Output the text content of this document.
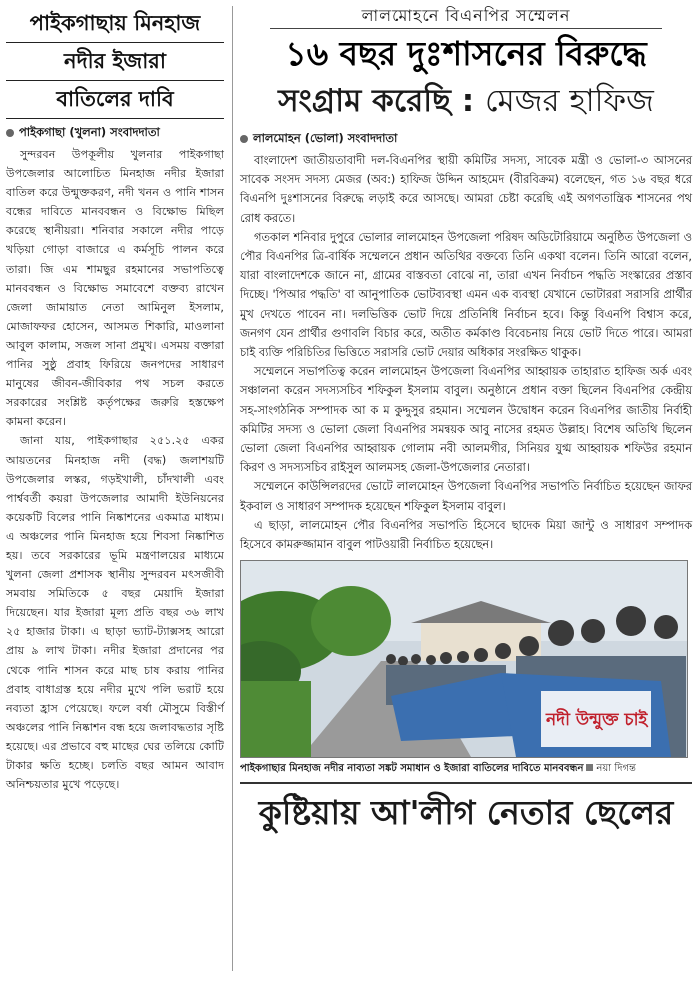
পাইকগাছায় মিনহাজ
নদীর ইজারা
বাতিলের দাবি
পাইকগাছা (খুলনা) সংবাদদাতা

সুন্দরবন উপকূলীয় খুলনার পাইকগাছা উপজেলার আলোচিত মিনহাজ নদীর ইজারা বাতিল করে উন্মুক্তকরণ, নদী খনন ও পানি শাসন বন্ধের দাবিতে মানববন্ধন ও বিক্ষোভ মিছিল করেছে স্থানীয়রা। শনিবার সকালে নদীর পাড়ে খড়িয়া গোড়া বাজারে এ কর্মসূচি পালন করে তারা। জি এম শামছুর রহমানের সভাপতিত্বে মানববন্ধন ও বিক্ষোভ সমাবেশে বক্তব্য রাখেন জেলা জামায়াত নেতা আমিনুল ইসলাম, মোজাফফর হোসেন, আসমত শিকারি, মাওলানা আবুল কালাম, সজল সানা প্রমুখ। এসময় বক্তারা পানির সুষ্ঠু প্রবাহ ফিরিয়ে জনপদের সাধারণ মানুষের জীবন-জীবিকার পথ সচল করতে সরকারের সংশ্লিষ্ট কর্তৃপক্ষের জরুরি হস্তক্ষেপ কামনা করেন।

জানা যায়, পাইকগাছার ২৫১.২৫ একর আয়তনের মিনহাজ নদী (বদ্ধ) জলাশয়টি উপজেলার লস্কর, গড়ইখালী, চাঁদখালী এবং পার্শ্ববর্তী কয়রা উপজেলার আমাদী ইউনিয়নের কয়েকটি বিলের পানি নিষ্কাশনের একমাত্র মাধ্যম। এ অঞ্চলের পানি মিনহাজ হয়ে শিবসা নিষ্কাশিত হয়। তবে সরকারের ভূমি মন্ত্রণালয়ের মাধ্যমে খুলনা জেলা প্রশাসক স্থানীয় সুন্দরবন মৎসজীবী সমবায় সমিতিকে ৫ বছর মেয়াদি ইজারা দিয়েছেন। যার ইজারা মূল্য প্রতি বছর ৩৬ লাখ ২৫ হাজার টাকা। এ ছাড়া ভ্যাট-ট্যাক্সসহ আরো প্রায় ৯ লাখ টাকা। নদীর ইজারা প্রদানের পর থেকে পানি শাসন করে মাছ চাষ করায় পানির প্রবাহ বাধাগ্রস্ত হয়ে নদীর মুখে পলি ভরাট হয়ে নব্যতা হ্রাস পেয়েছে। ফলে বর্ষা মৌসুমে বিস্তীর্ণ অঞ্চলের পানি নিষ্কাশন বন্ধ হয়ে জলাবদ্ধতার সৃষ্টি হয়েছে। এর প্রভাবে বহু মাছের ঘের তলিয়ে কোটি টাকার ক্ষতি হচ্ছে। চলতি বছর আমন আবাদ অনিশ্চয়তার মুখে পড়েছে।

লালমোহনে বিএনপির সম্মেলন
১৬ বছর দুঃশাসনের বিরুদ্ধে
সংগ্রাম করেছি : মেজর হাফিজ
লালমোহন (ভোলা) সংবাদদাতা

বাংলাদেশ জাতীয়তাবাদী দল-বিএনপির স্থায়ী কমিটির সদস্য, সাবেক মন্ত্রী ও ভোলা-৩ আসনের সাবেক সংসদ সদস্য মেজর (অব:) হাফিজ উদ্দিন আহমেদ (বীরবিক্রম) বলেছেন, গত ১৬ বছর ধরে বিএনপি দুঃশাসনের বিরুদ্ধে লড়াই করে আসছে। আমরা চেষ্টা করেছি এই অগণতান্ত্রিক শাসনের পথ রোধ করতে।

গতকাল শনিবার দুপুরে ভোলার লালমোহন উপজেলা পরিষদ অডিটোরিয়ামে অনুষ্ঠিত উপজেলা ও পৌর বিএনপির ত্রি-বার্ষিক সম্মেলনে প্রধান অতিথির বক্তব্যে তিনি একথা বলেন। তিনি আরো বলেন, যারা বাংলাদেশকে জানে না, গ্রামের বাস্তবতা বোঝে না, তারা এখন নির্বাচন পদ্ধতি সংস্কারের প্রস্তাব দিচ্ছে। 'পিআর পদ্ধতি' বা আনুপাতিক ভোটব্যবস্থা এমন এক ব্যবস্থা যেখানে ভোটাররা সরাসরি প্রার্থীর মুখ দেখতে পাবেন না। দলভিত্তিক ভোট দিয়ে প্রতিনিধি নির্বাচন হবে। কিন্তু বিএনপি বিশ্বাস করে, জনগণ যেন প্রার্থীর গুণাবলি বিচার করে, অতীত কর্মকাণ্ড বিবেচনায় নিয়ে ভোট দিতে পারে। আমরা চাই ব্যক্তি পরিচিতির ভিত্তিতে সরাসরি ভোট দেয়ার অধিকার সংরক্ষিত থাকুক।

সম্মেলনে সভাপতিত্ব করেন লালমোহন উপজেলা বিএনপির আহ্বায়ক তাহারাত হাফিজ অর্ক এবং সঞ্চালনা করেন সদস্যসচিব শফিকুল ইসলাম বাবুল। অনুষ্ঠানে প্রধান বক্তা ছিলেন বিএনপির কেন্দ্রীয় সহ-সাংগঠনিক সম্পাদক আ ক ম কুদ্দুসুর রহমান। সম্মেলন উদ্বোধন করেন বিএনপির জাতীয় নির্বাহী কমিটির সদস্য ও ভোলা জেলা বিএনপির সমন্বয়ক আবু নাসের রহমত উল্লাহ। বিশেষ অতিথি ছিলেন ভোলা জেলা বিএনপির আহ্বায়ক গোলাম নবী আলমগীর, সিনিয়র যুগ্ম আহ্বায়ক শফিউর রহমান কিরণ ও সদস্যসচিব রাইসুল আলমসহ জেলা-উপজেলার নেতারা।

সম্মেলনে কাউন্সিলরদের ভোটে লালমোহন উপজেলা বিএনপির সভাপতি নির্বাচিত হয়েছেন জাফর ইকবাল ও সাধারণ সম্পাদক হয়েছেন শফিকুল ইসলাম বাবুল।

এ ছাড়া, লালমোহন পৌর বিএনপির সভাপতি হিসেবে ছাদেক মিয়া জান্টু ও সাধারণ সম্পাদক হিসেবে কামরুজ্জামান বাবুল পাটওয়ারী নির্বাচিত হয়েছেন।

নদী উন্মুক্ত চাই
পাইকগাছার মিনহাজ নদীর নাব্যতা সঙ্কট সমাধান ও ইজারা বাতিলের দাবিতে মানববন্ধন নয়া দিগন্ত
কুষ্টিয়ায় আ'লীগ নেতার ছেলের
